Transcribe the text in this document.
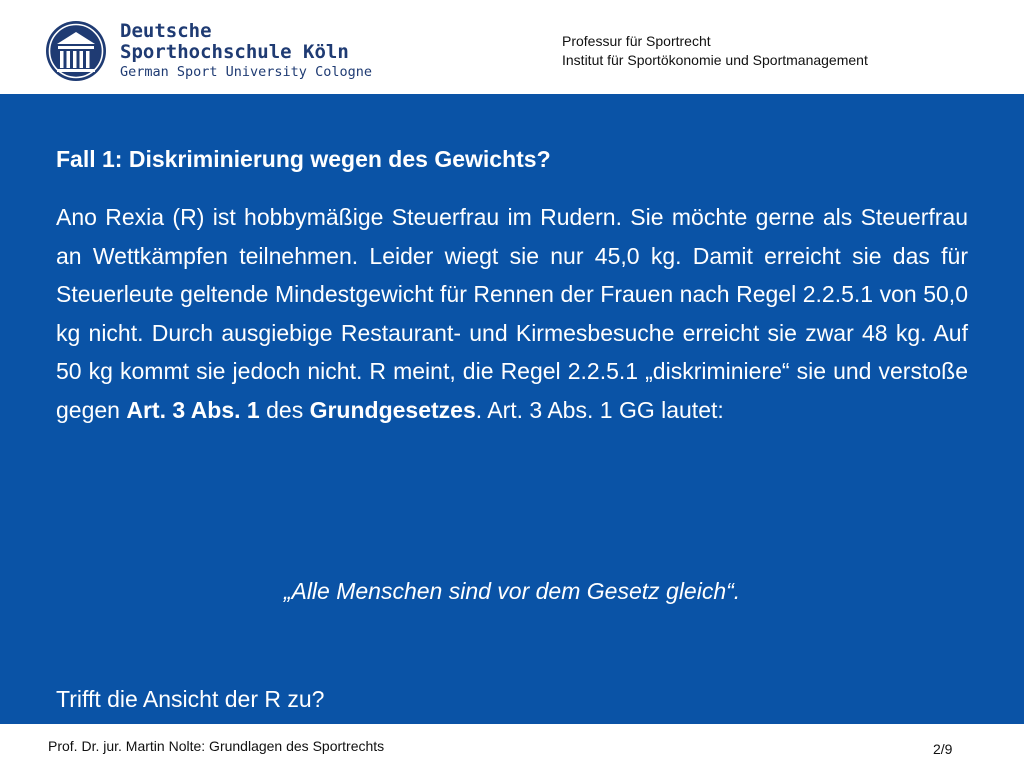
Deutsche
Sporthochschule Köln
German Sport University Cologne
Professur für Sportrecht
Institut für Sportökonomie und Sportmanagement
Fall 1: Diskriminierung wegen des Gewichts?

Ano Rexia (R) ist hobbymäßige Steuerfrau im Rudern. Sie möchte gerne als Steuerfrau an Wettkämpfen teilnehmen. Leider wiegt sie nur 45,0 kg. Damit erreicht sie das für Steuerleute geltende Mindestgewicht für Rennen der Frauen nach Regel 2.2.5.1 von 50,0 kg nicht. Durch ausgiebige Restaurant- und Kirmesbesuche erreicht sie zwar 48 kg. Auf 50 kg kommt sie jedoch nicht. R meint, die Regel 2.2.5.1 „diskriminiere“ sie und verstoße gegen Art. 3 Abs. 1 des Grundgesetzes. Art. 3 Abs. 1 GG lautet:

„Alle Menschen sind vor dem Gesetz gleich“.
Trifft die Ansicht der R zu?
Prof. Dr. jur. Martin Nolte: Grundlagen des Sportrechts	2/9
